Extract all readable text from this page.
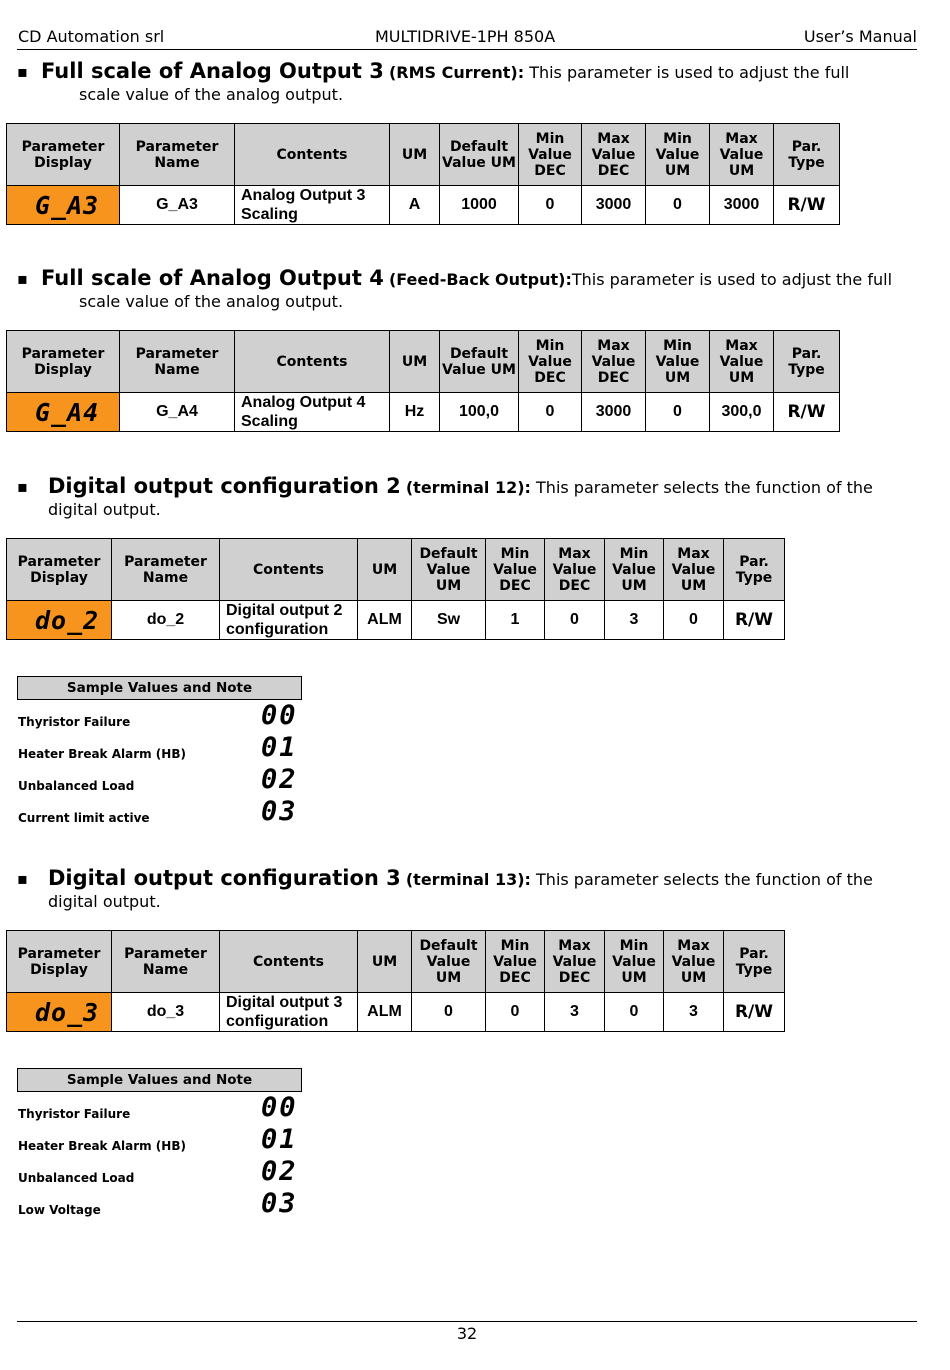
CD Automation srl	MULTIDRIVE-1PH 850A	User’s Manual
▪ Full scale of Analog Output 3 (RMS Current): This parameter is used to adjust the full

scale value of the analog output.

Parameter Display	Parameter Name	Contents	UM	Default Value UM	Min Value DEC	Max Value DEC	Min Value UM	Max Value UM	Par. Type
G_A3	G_A3	Analog Output 3 Scaling	A	1000	0	3000	0	3000	R/W
▪ Full scale of Analog Output 4 (Feed-Back Output):This parameter is used to adjust the full

scale value of the analog output.

Parameter Display	Parameter Name	Contents	UM	Default Value UM	Min Value DEC	Max Value DEC	Min Value UM	Max Value UM	Par. Type
G_A4	G_A4	Analog Output 4 Scaling	Hz	100,0	0	3000	0	300,0	R/W
▪ Digital output configuration 2 (terminal 12): This parameter selects the function of the

digital output.

Parameter Display	Parameter Name	Contents	UM	Default Value UM	Min Value DEC	Max Value DEC	Min Value UM	Max Value UM	Par. Type
do_2	do_2	Digital output 2 configuration	ALM	Sw	1	0	3	0	R/W
Sample Values and Note
Thyristor Failure	00
Heater Break Alarm (HB)	01
Unbalanced Load	02
Current limit active	03
▪ Digital output configuration 3 (terminal 13): This parameter selects the function of the

digital output.

Parameter Display	Parameter Name	Contents	UM	Default Value UM	Min Value DEC	Max Value DEC	Min Value UM	Max Value UM	Par. Type
do_3	do_3	Digital output 3 configuration	ALM	0	0	3	0	3	R/W
Sample Values and Note
Thyristor Failure	00
Heater Break Alarm (HB)	01
Unbalanced Load	02
Low Voltage	03
32
